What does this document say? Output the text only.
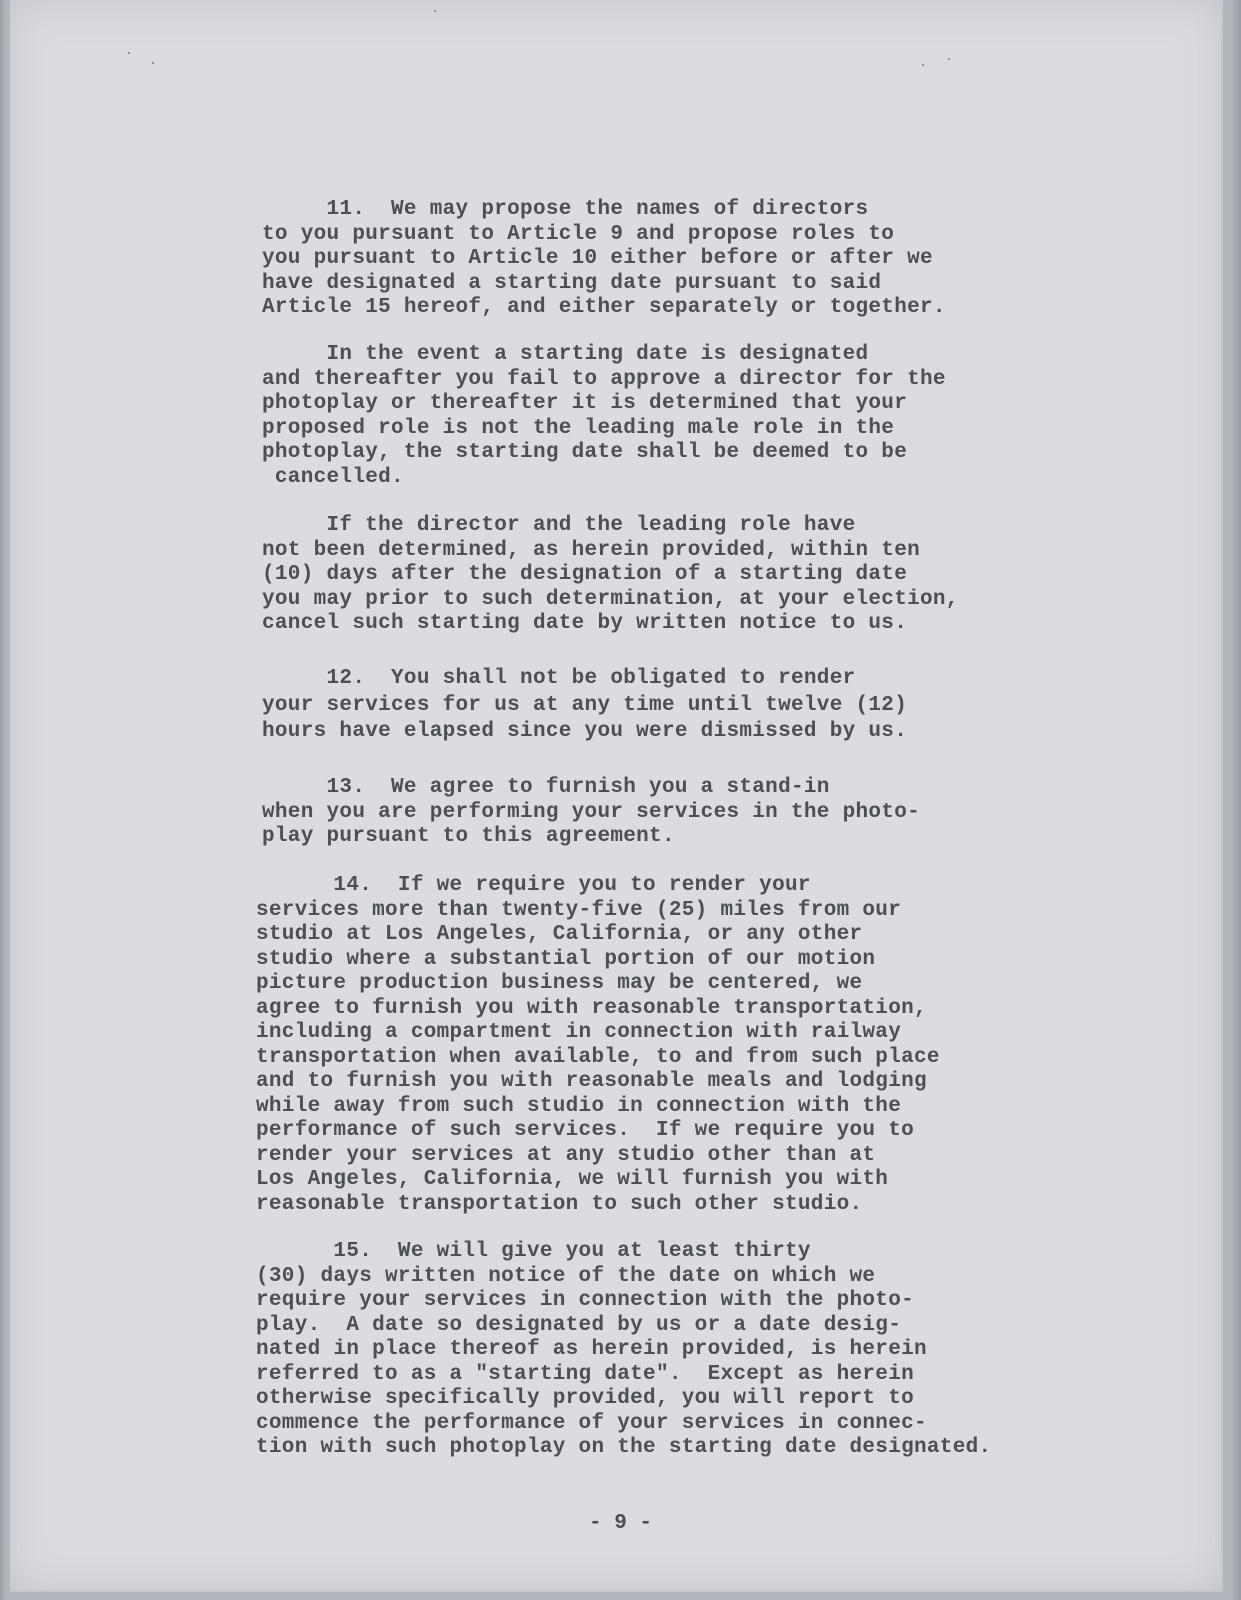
11.  We may propose the names of directors
to you pursuant to Article 9 and propose roles to
you pursuant to Article 10 either before or after we
have designated a starting date pursuant to said
Article 15 hereof, and either separately or together.
In the event a starting date is designated
and thereafter you fail to approve a director for the
photoplay or thereafter it is determined that your
proposed role is not the leading male role in the
photoplay, the starting date shall be deemed to be
cancelled.
If the director and the leading role have
not been determined, as herein provided, within ten
(10) days after the designation of a starting date
you may prior to such determination, at your election,
cancel such starting date by written notice to us.
12.  You shall not be obligated to render
your services for us at any time until twelve (12)
hours have elapsed since you were dismissed by us.
13.  We agree to furnish you a stand-in
when you are performing your services in the photo-
play pursuant to this agreement.
14.  If we require you to render your
services more than twenty-five (25) miles from our
studio at Los Angeles, California, or any other
studio where a substantial portion of our motion
picture production business may be centered, we
agree to furnish you with reasonable transportation,
including a compartment in connection with railway
transportation when available, to and from such place
and to furnish you with reasonable meals and lodging
while away from such studio in connection with the
performance of such services.  If we require you to
render your services at any studio other than at
Los Angeles, California, we will furnish you with
reasonable transportation to such other studio.
15.  We will give you at least thirty
(30) days written notice of the date on which we
require your services in connection with the photo-
play.  A date so designated by us or a date desig-
nated in place thereof as herein provided, is herein
referred to as a "starting date".  Except as herein
otherwise specifically provided, you will report to
commence the performance of your services in connec-
tion with such photoplay on the starting date designated.
- 9 -
